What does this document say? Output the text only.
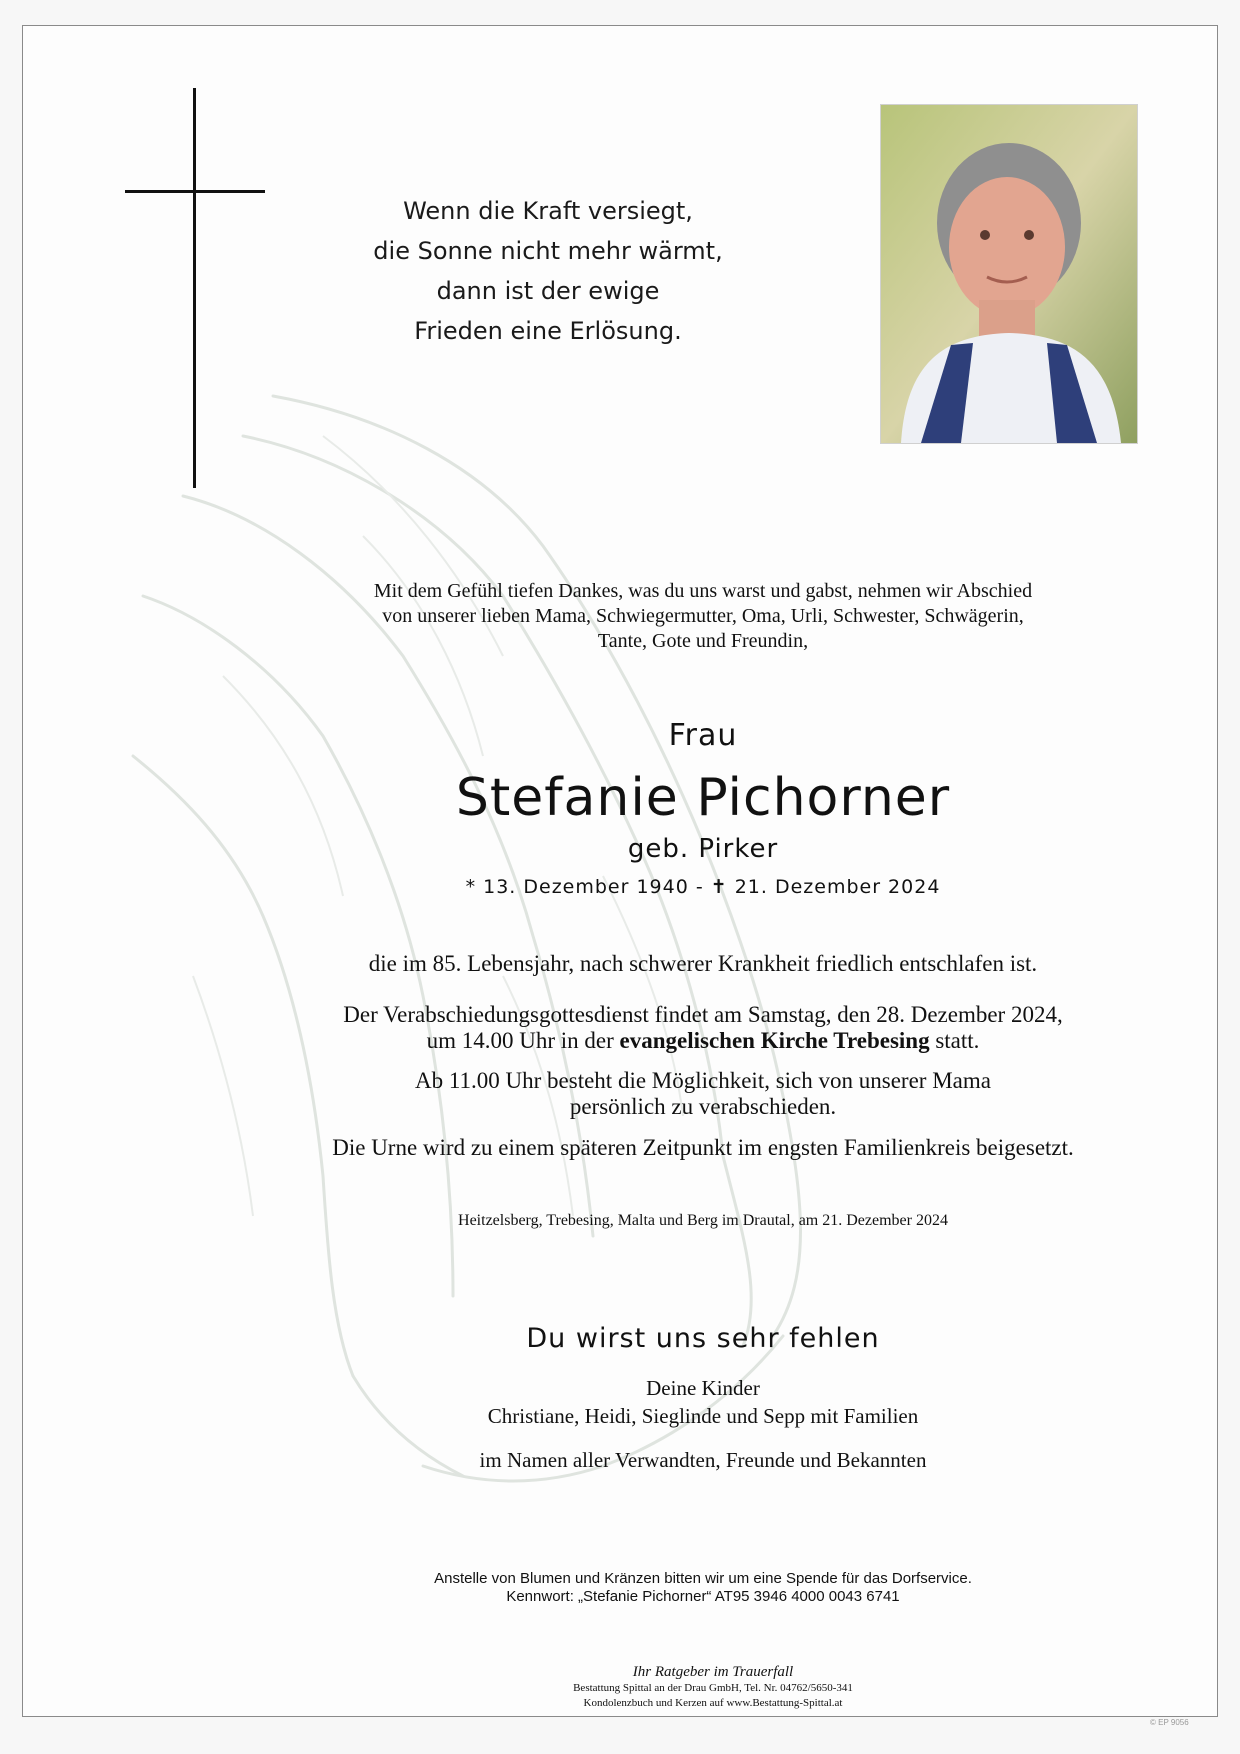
Wenn die Kraft versiegt,
die Sonne nicht mehr wärmt,
dann ist der ewige
Frieden eine Erlösung.
Mit dem Gefühl tiefen Dankes, was du uns warst und gabst, nehmen wir Abschied
von unserer lieben Mama, Schwiegermutter, Oma, Urli, Schwester, Schwägerin,
Tante, Gote und Freundin,
Frau
Stefanie Pichorner
geb. Pirker
* 13. Dezember 1940 - ✝ 21. Dezember 2024
die im 85. Lebensjahr, nach schwerer Krankheit friedlich entschlafen ist.
Der Verabschiedungsgottesdienst findet am Samstag, den 28. Dezember 2024,
um 14.00 Uhr in der evangelischen Kirche Trebesing statt.
Ab 11.00 Uhr besteht die Möglichkeit, sich von unserer Mama
persönlich zu verabschieden.
Die Urne wird zu einem späteren Zeitpunkt im engsten Familienkreis beigesetzt.
Heitzelsberg, Trebesing, Malta und Berg im Drautal, am 21. Dezember 2024
Du wirst uns sehr fehlen
Deine Kinder
Christiane, Heidi, Sieglinde und Sepp mit Familien
im Namen aller Verwandten, Freunde und Bekannten
Anstelle von Blumen und Kränzen bitten wir um eine Spende für das Dorfservice.
Kennwort: „Stefanie Pichorner“ AT95 3946 4000 0043 6741
Ihr Ratgeber im Trauerfall
Bestattung Spittal an der Drau GmbH, Tel. Nr. 04762/5650-341
Kondolenzbuch und Kerzen auf www.Bestattung-Spittal.at
© EP 9056
